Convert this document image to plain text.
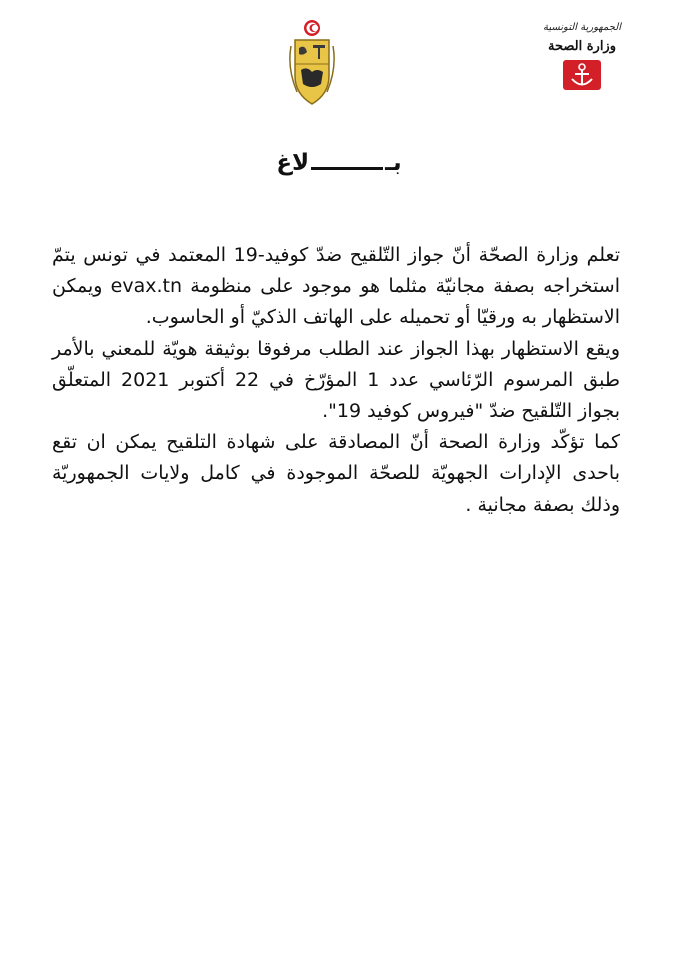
الجمهورية التونسية
وزارة الصحة
بـلاغ

تعلم وزارة الصحّة أنّ جواز التّلقيح ضدّ كوفيد-19 المعتمد في تونس يتمّ استخراجه بصفة مجانيّة مثلما هو موجود على منظومة evax.tn ويمكن الاستظهار به ورقيّا أو تحميله على الهاتف الذكيّ أو الحاسوب.

ويقع الاستظهار بهذا الجواز عند الطلب مرفوقا بوثيقة هويّة للمعني بالأمر طبق المرسوم الرّئاسي عدد 1 المؤرّخ في 22 أكتوبر 2021 المتعلّق بجواز التّلقيح ضدّ "فيروس كوفيد 19".

كما تؤكّد وزارة الصحة أنّ المصادقة على شهادة التلقيح يمكن ان تقع باحدى الإدارات الجهويّة للصحّة الموجودة في كامل ولايات الجمهوريّة وذلك بصفة مجانية .
